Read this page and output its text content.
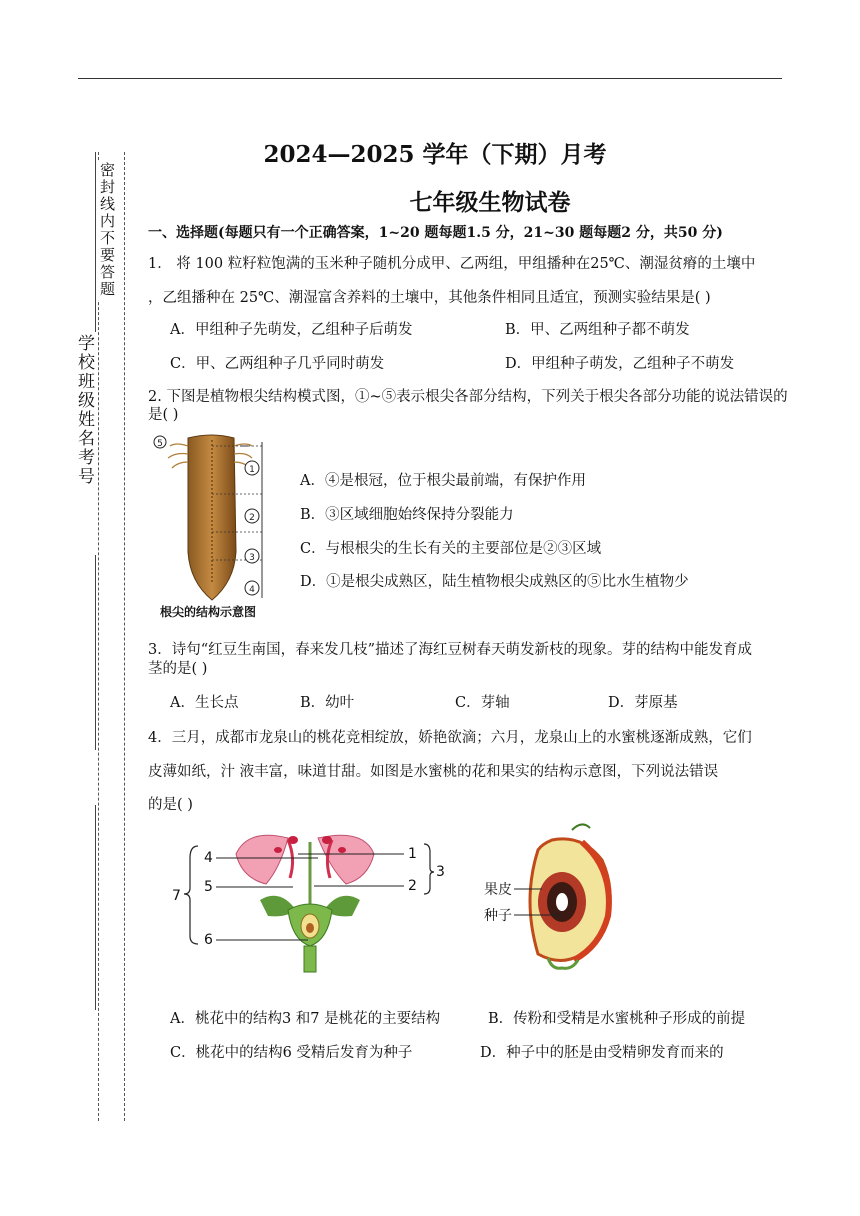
密封线内不要答题
学校班级姓名考号
2024—2025 学年（下期）月考
七年级生物试卷
一、选择题(每题只有一个正确答案，1~20 题每题1.5 分，21~30 题每题2 分，共50 分)
1． 将 100 粒籽粒饱满的玉米种子随机分成甲、乙两组，甲组播种在25℃、潮湿贫瘠的土壤中
，乙组播种在 25℃、潮湿富含养料的土壤中，其他条件相同且适宜，预测实验结果是( )
A．甲组种子先萌发，乙组种子后萌发	B．甲、乙两组种子都不萌发
C．甲、乙两组种子几乎同时萌发	D．甲组种子萌发，乙组种子不萌发
2. 下图是植物根尖结构模式图，①~⑤表示根尖各部分结构，下列关于根尖各部分功能的说法错误的
是( )
5
1
2
3
4
根尖的结构示意图
A．④是根冠，位于根尖最前端，有保护作用
B．③区域细胞始终保持分裂能力
C．与根根尖的生长有关的主要部位是②③区域
D．①是根尖成熟区，陆生植物根尖成熟区的⑤比水生植物少
3．诗句“红豆生南国，春来发几枝”描述了海红豆树春天萌发新枝的现象。芽的结构中能发育成
茎的是( )
A．生长点	B．幼叶	C．芽轴	D．芽原基
4．三月，成都市龙泉山的桃花竞相绽放，娇艳欲滴；六月，龙泉山上的水蜜桃逐渐成熟，它们
皮薄如纸，汁 液丰富，味道甘甜。如图是水蜜桃的花和果实的结构示意图，下列说法错误
的是( )
4
5
6
7
1
2
3
果皮
种子
A．桃花中的结构3 和7 是桃花的主要结构	B．传粉和受精是水蜜桃种子形成的前提
C．桃花中的结构6 受精后发育为种子	D．种子中的胚是由受精卵发育而来的
